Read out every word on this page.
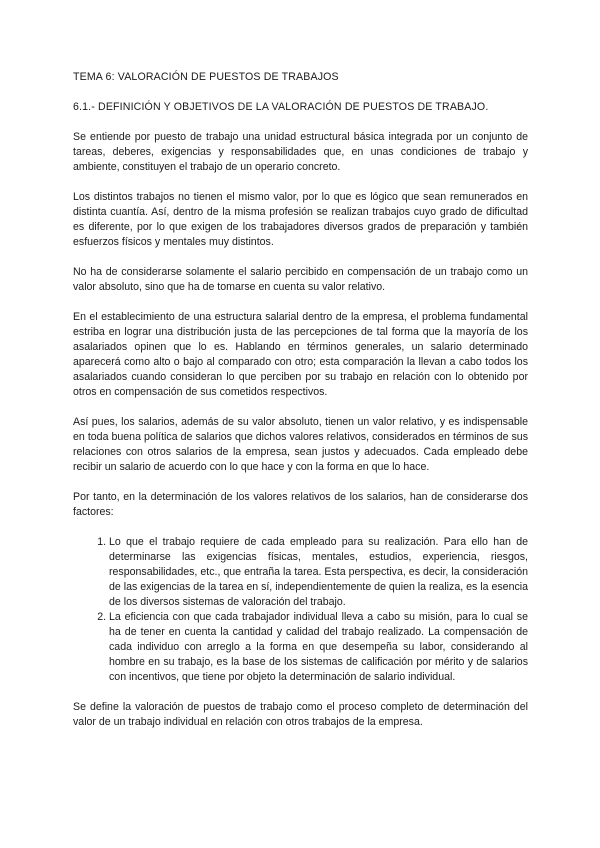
TEMA 6: VALORACIÓN DE PUESTOS DE TRABAJOS
6.1.- DEFINICIÓN Y OBJETIVOS DE LA VALORACIÓN DE PUESTOS DE TRABAJO.

Se entiende por puesto de trabajo una unidad estructural básica integrada por un conjunto de tareas, deberes, exigencias y responsabilidades que, en unas condiciones de trabajo y ambiente, constituyen el trabajo de un operario concreto.

Los distintos trabajos no tienen el mismo valor, por lo que es lógico que sean remunerados en distinta cuantía. Así, dentro de la misma profesión se realizan trabajos cuyo grado de dificultad es diferente, por lo que exigen de los trabajadores diversos grados de preparación y también esfuerzos físicos y mentales muy distintos.

No ha de considerarse solamente el salario percibido en compensación de un trabajo como un valor absoluto, sino que ha de tomarse en cuenta su valor relativo.

En el establecimiento de una estructura salarial dentro de la empresa, el problema fundamental estriba en lograr una distribución justa de las percepciones de tal forma que la mayoría de los asalariados opinen que lo es. Hablando en términos generales, un salario determinado aparecerá como alto o bajo al comparado con otro; esta comparación la llevan a cabo todos los asalariados cuando consideran lo que perciben por su trabajo en relación con lo obtenido por otros en compensación de sus cometidos respectivos.

Así pues, los salarios, además de su valor absoluto, tienen un valor relativo, y es indispensable en toda buena política de salarios que dichos valores relativos, considerados en términos de sus relaciones con otros salarios de la empresa, sean justos y adecuados. Cada empleado debe recibir un salario de acuerdo con lo que hace y con la forma en que lo hace.

Por tanto, en la determinación de los valores relativos de los salarios, han de considerarse dos factores:

1. Lo que el trabajo requiere de cada empleado para su realización. Para ello han de determinarse las exigencias físicas, mentales, estudios, experiencia, riesgos, responsabilidades, etc., que entraña la tarea. Esta perspectiva, es decir, la consideración de las exigencias de la tarea en sí, independientemente de quien la realiza, es la esencia de los diversos sistemas de valoración del trabajo.
2. La eficiencia con que cada trabajador individual lleva a cabo su misión, para lo cual se ha de tener en cuenta la cantidad y calidad del trabajo realizado. La compensación de cada individuo con arreglo a la forma en que desempeña su labor, considerando al hombre en su trabajo, es la base de los sistemas de calificación por mérito y de salarios con incentivos, que tiene por objeto la determinación de salario individual.

Se define la valoración de puestos de trabajo como el proceso completo de determinación del valor de un trabajo individual en relación con otros trabajos de la empresa.
